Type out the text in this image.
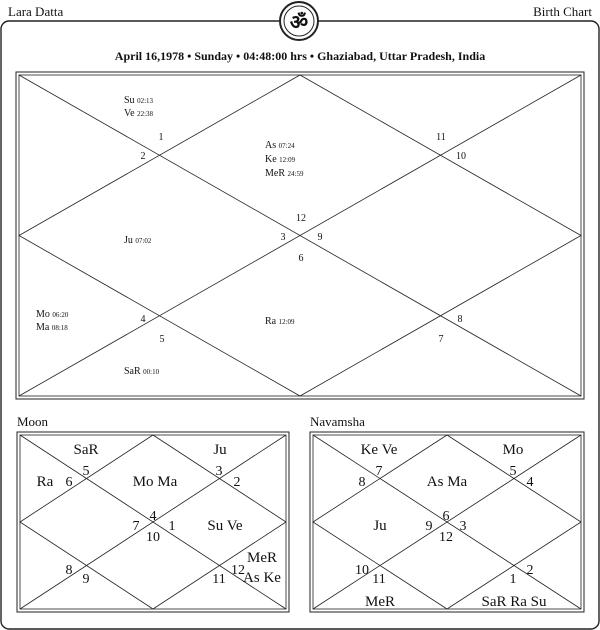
Lara Datta	Birth Chart
ॐ
April 16,1978 • Sunday • 04:48:00 hrs • Ghaziabad, Uttar Pradesh, India
12
1
2
3
4
5
6
7
8
9
10
11
As 07:24
Ke 12:09
MeR 24:59
Su 02:13
Ve 22:38
Ju 07:02
Mo 06:20
Ma 08:18
SaR 00:10
Ra 12:09
Moon
4
5
6
7
8
9
10
11
12
1
2
3
Mo Ma
SaR
Ra
Su Ve
Ju
MeR As Ke
Navamsha
6
7
8
9
10
11
12
1
2
3
4
5
As Ma
Ke Ve
Ju
MeR	SaR Ra Su
Mo
